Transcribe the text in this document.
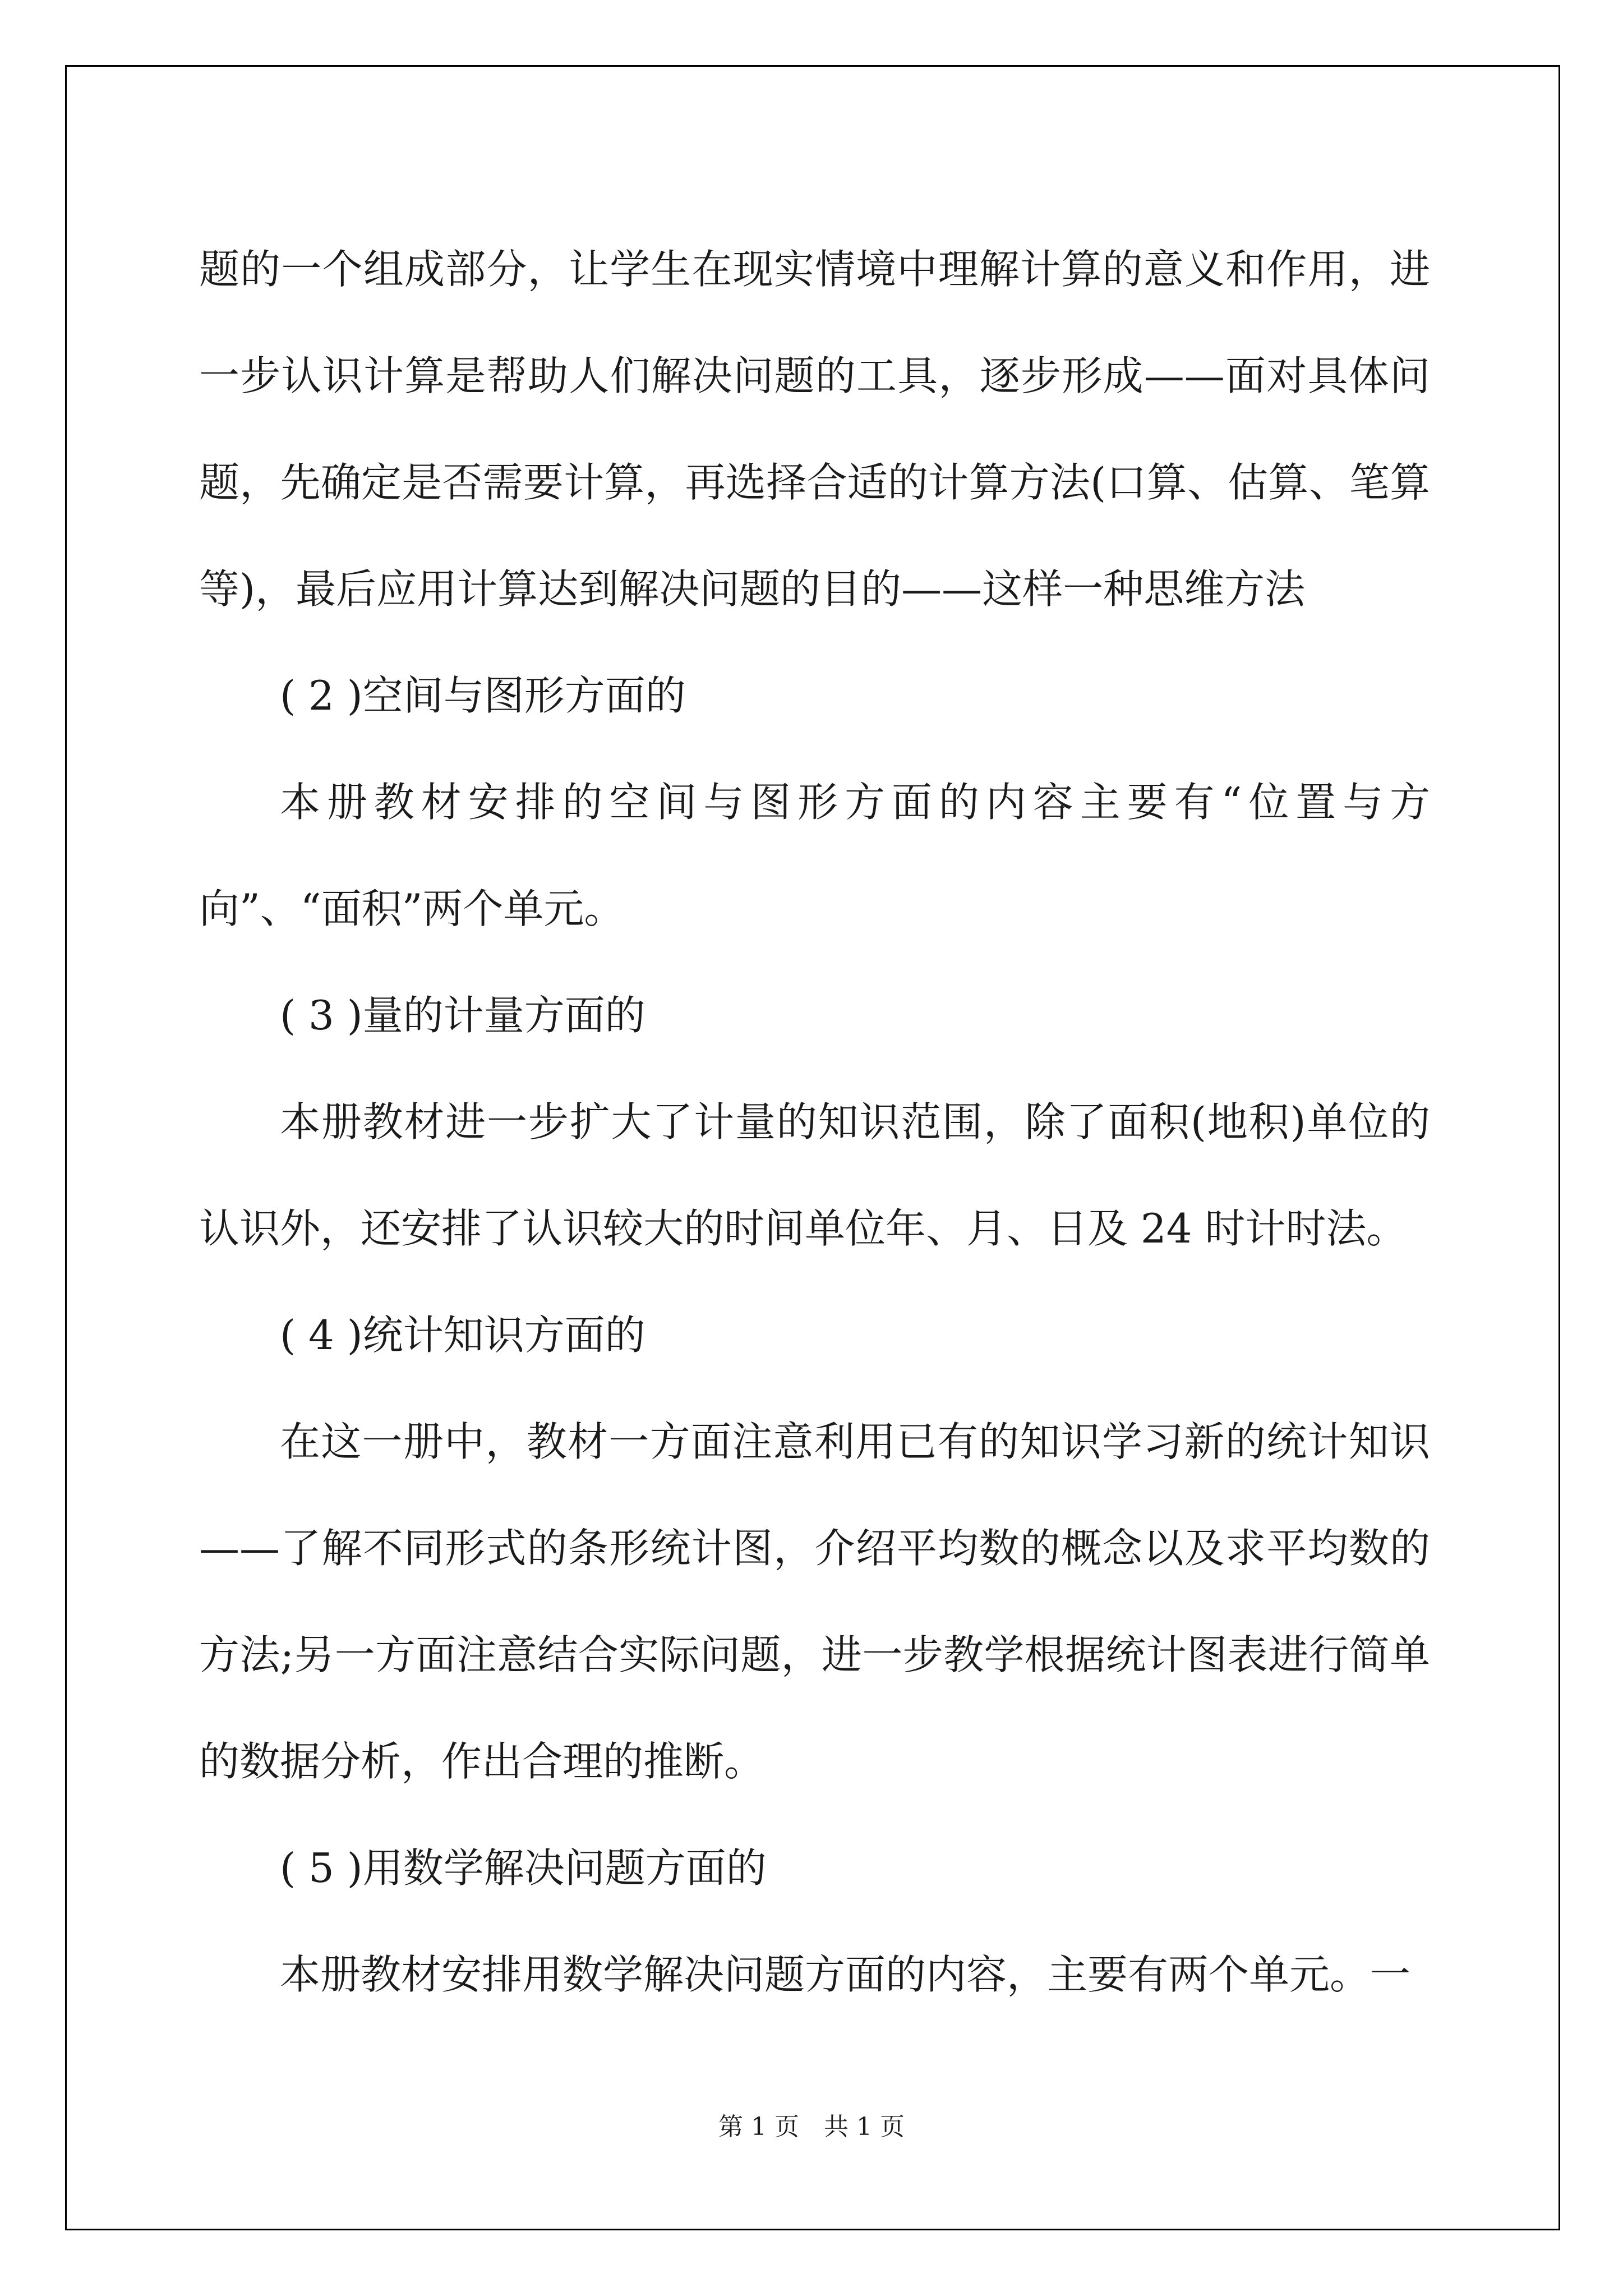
题的一个组成部分，让学生在现实情境中理解计算的意义和作用，进一步认识计算是帮助人们解决问题的工具，逐步形成——面对具体问题，先确定是否需要计算，再选择合适的计算方法(口算、估算、笔算等)，最后应用计算达到解决问题的目的——这样一种思维方法

( 2 )空间与图形方面的

本册教材安排的空间与图形方面的内容主要有“位置与方向”、“面积”两个单元。

( 3 )量的计量方面的

本册教材进一步扩大了计量的知识范围，除了面积(地积)单位的认识外，还安排了认识较大的时间单位年、月、日及 24 时计时法。

( 4 )统计知识方面的

在这一册中，教材一方面注意利用已有的知识学习新的统计知识——了解不同形式的条形统计图，介绍平均数的概念以及求平均数的方法;另一方面注意结合实际问题，进一步教学根据统计图表进行简单的数据分析，作出合理的推断。

( 5 )用数学解决问题方面的

本册教材安排用数学解决问题方面的内容，主要有两个单元。一

第 1 页　共 1 页
